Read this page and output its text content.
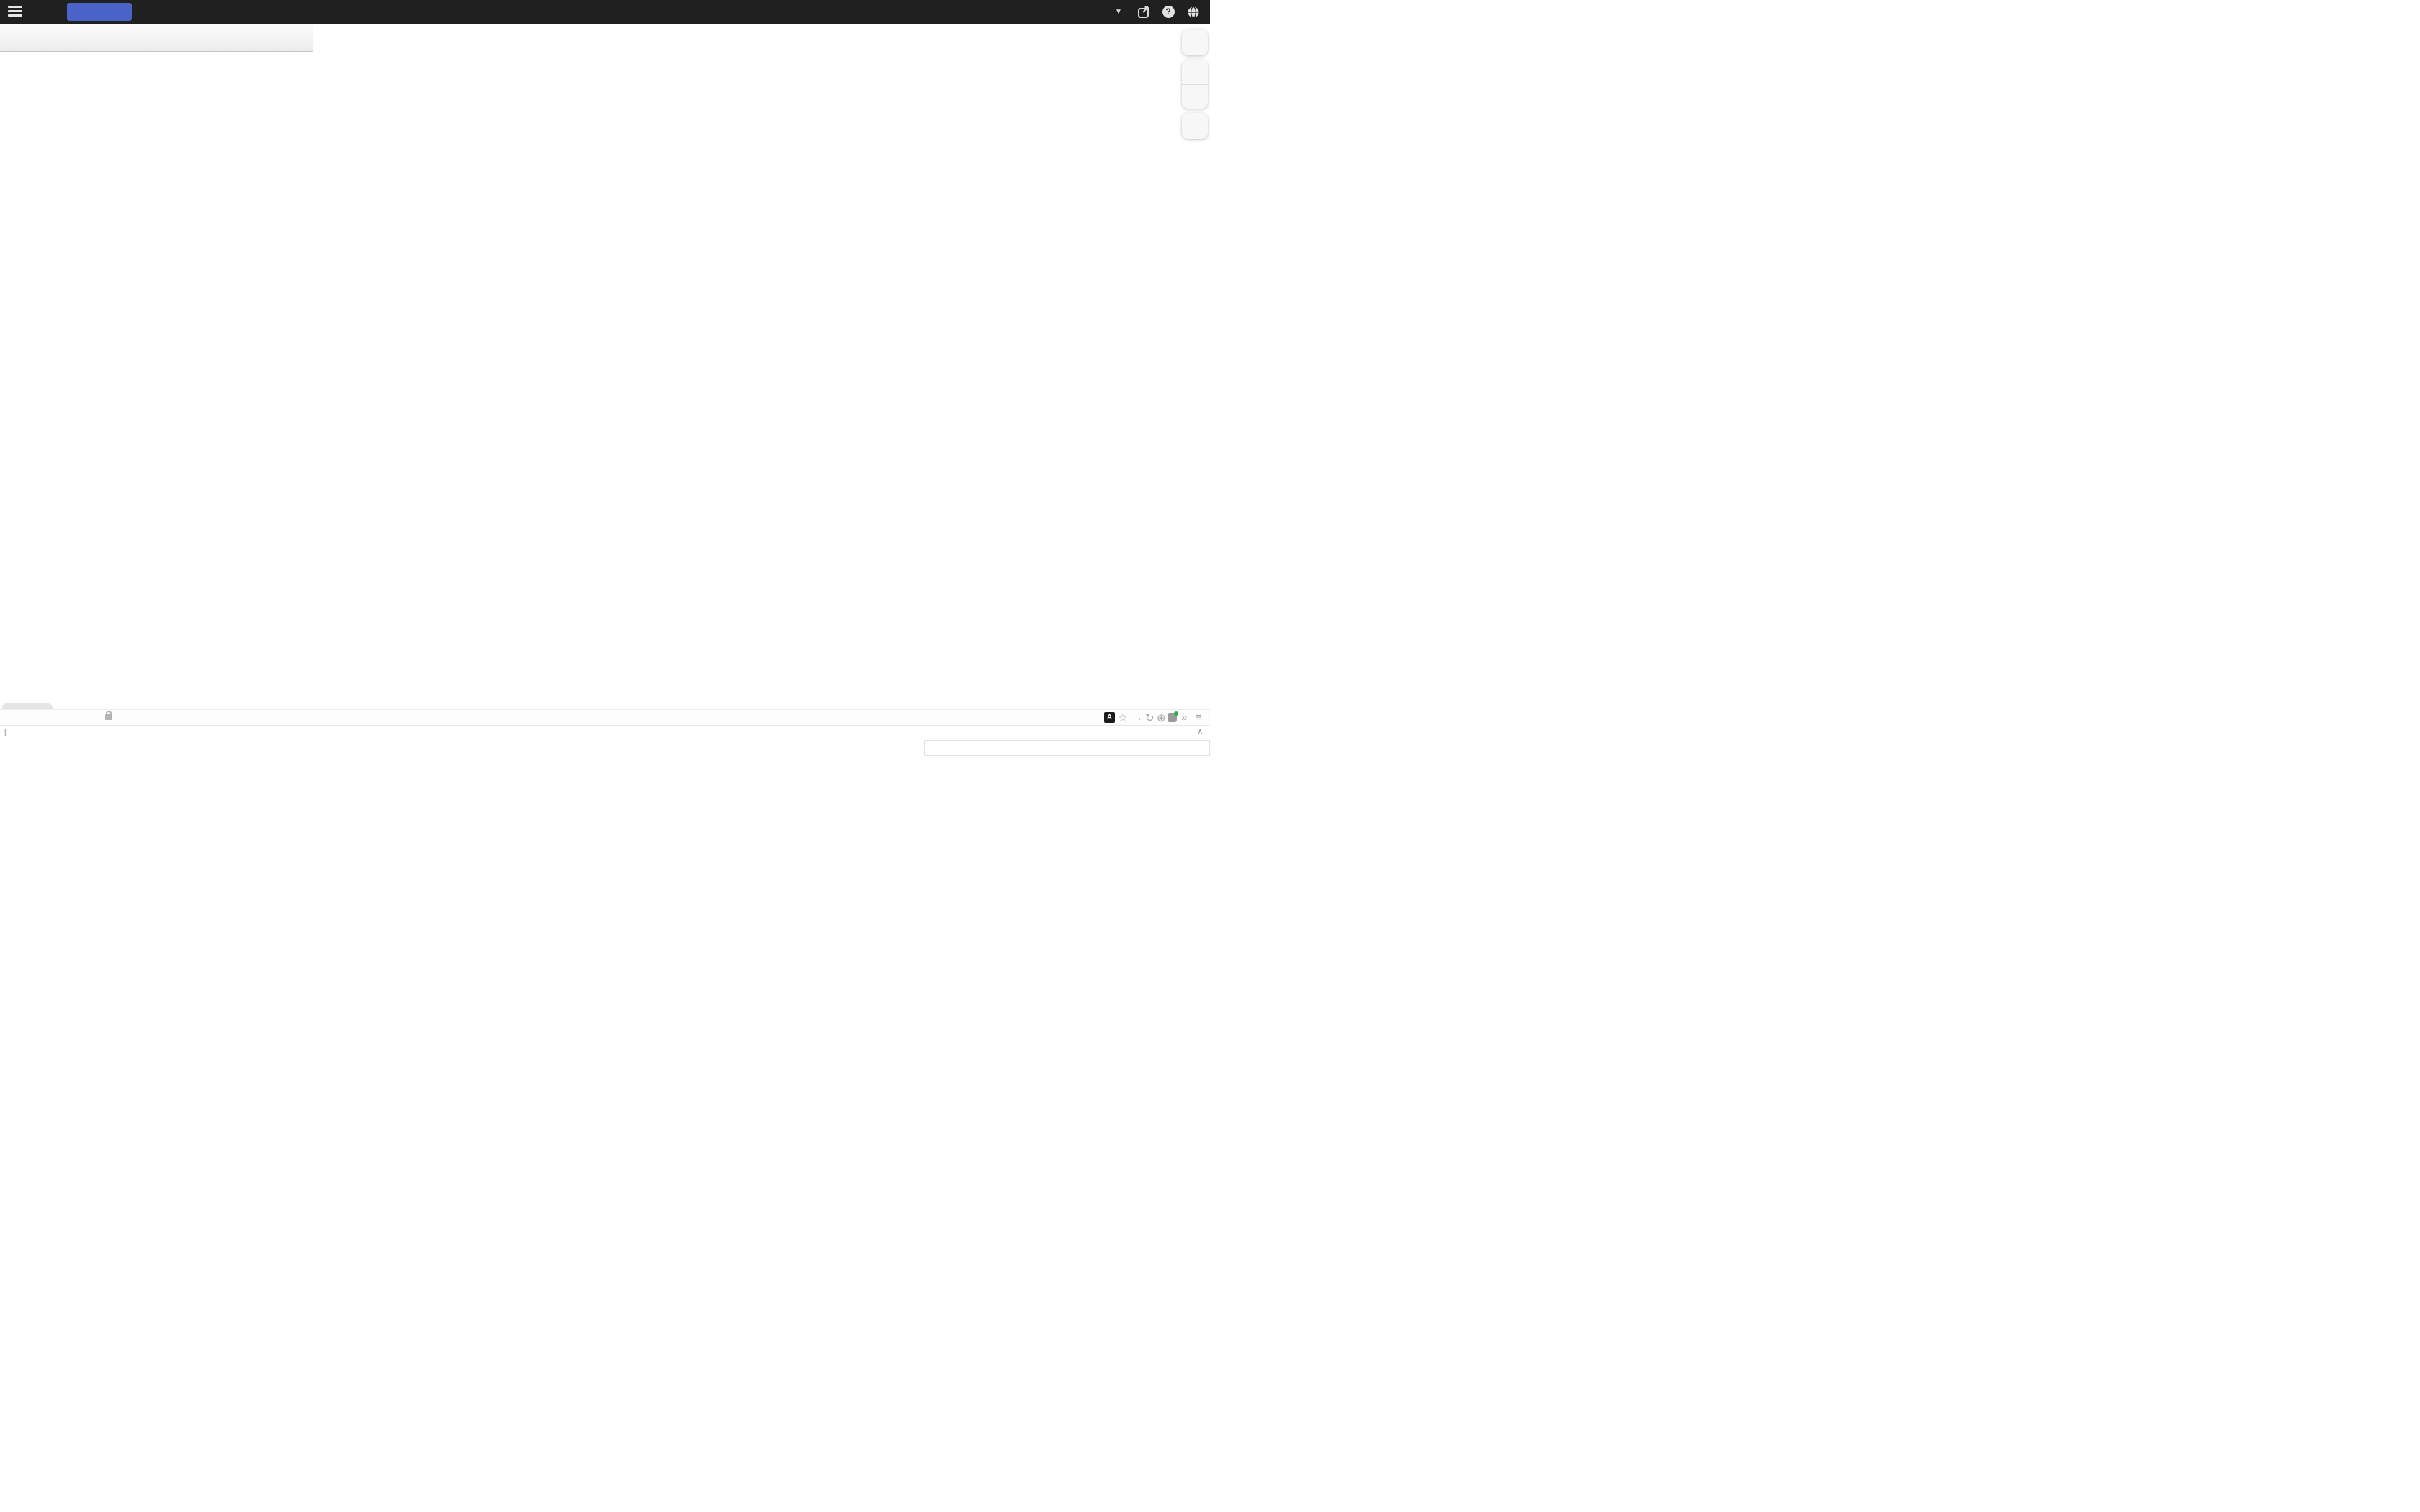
▼	?
A ☆ → ↻ ⊕ » ≡
‖	∧
